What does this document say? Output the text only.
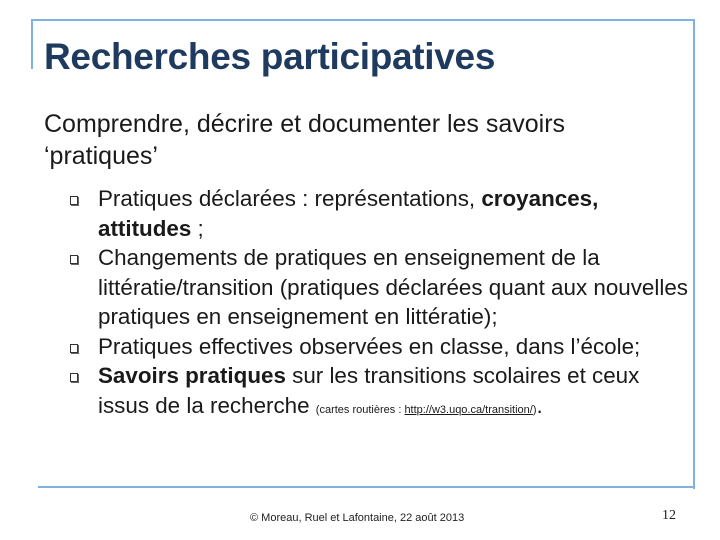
Recherches participatives

Comprendre, décrire et documenter les savoirs ‘pratiques’

Pratiques déclarées : représentations, croyances, attitudes ;
Changements de pratiques en enseignement de la littératie/transition (pratiques déclarées quant aux nouvelles pratiques en enseignement en littératie);
Pratiques effectives observées en classe, dans l’école;
Savoirs pratiques sur les transitions scolaires et ceux issus de la recherche (cartes routières : http://w3.uqo.ca/transition/).
© Moreau, Ruel et Lafontaine, 22 août 2013	12
